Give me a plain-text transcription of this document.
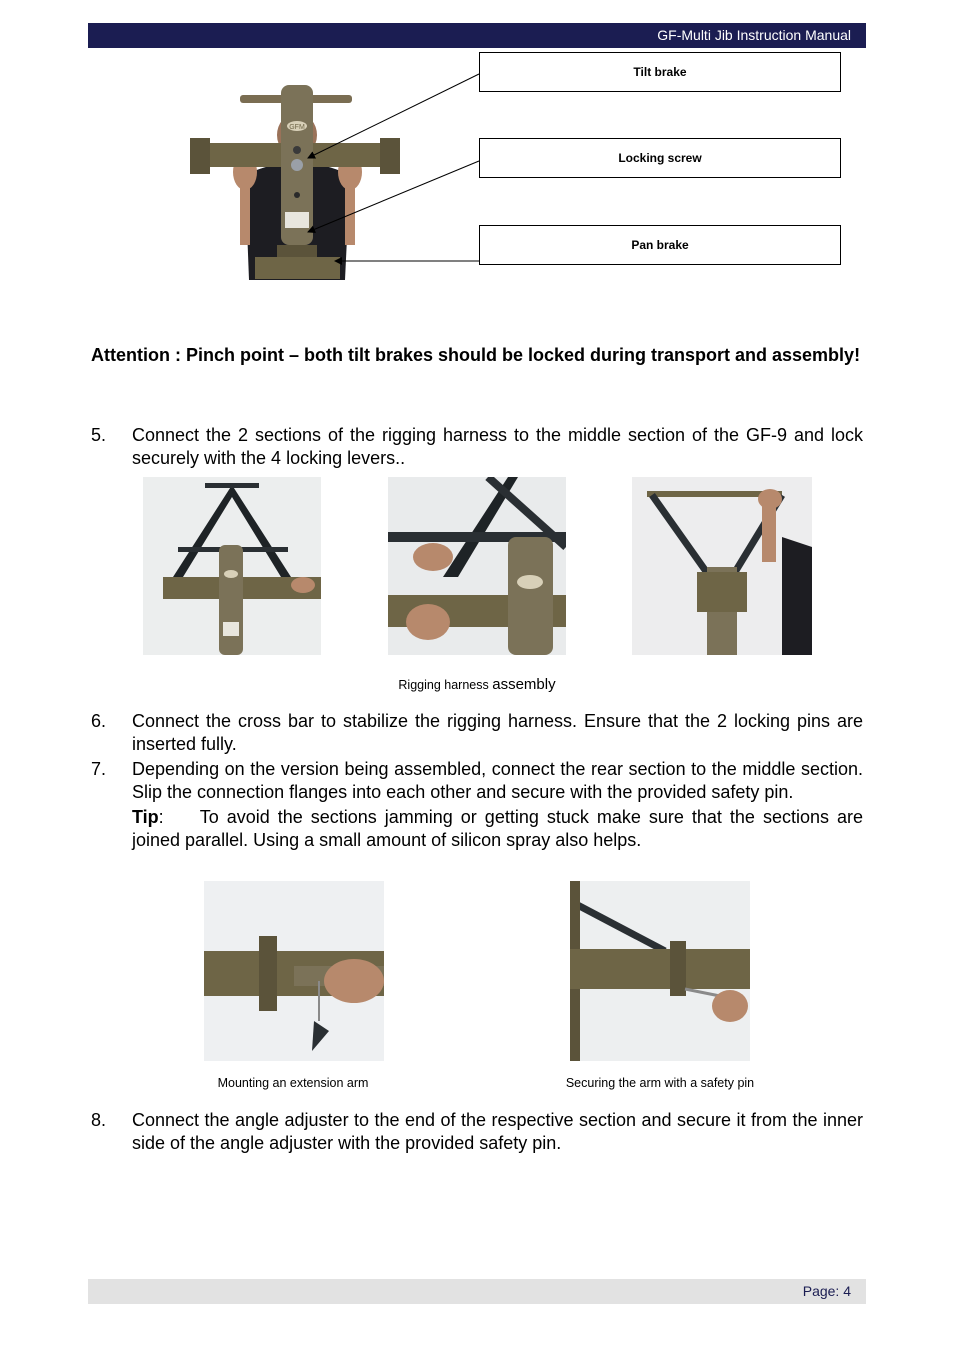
GF-Multi Jib Instruction Manual
GFM
Tilt brake
Locking screw
Pan brake
Attention : Pinch point – both tilt brakes should be locked during transport and assembly!
5. Connect the 2 sections of the rigging harness to the middle section of the GF-9 and lock securely with the 4 locking levers..
Rigging harness assembly
6. Connect the cross bar to stabilize the rigging harness. Ensure that the 2 locking pins are inserted fully.
7. Depending on the version being assembled, connect the rear section to the middle section. Slip the connection flanges into each other and secure with the provided safety pin.
Tip: To avoid the sections jamming or getting stuck make sure that the sections are joined parallel. Using a small amount of silicon spray also helps.
Mounting an extension arm	Securing the arm with a safety pin
8. Connect the angle adjuster to the end of the respective section and secure it from the inner side of the angle adjuster with the provided safety pin.
Page: 4
